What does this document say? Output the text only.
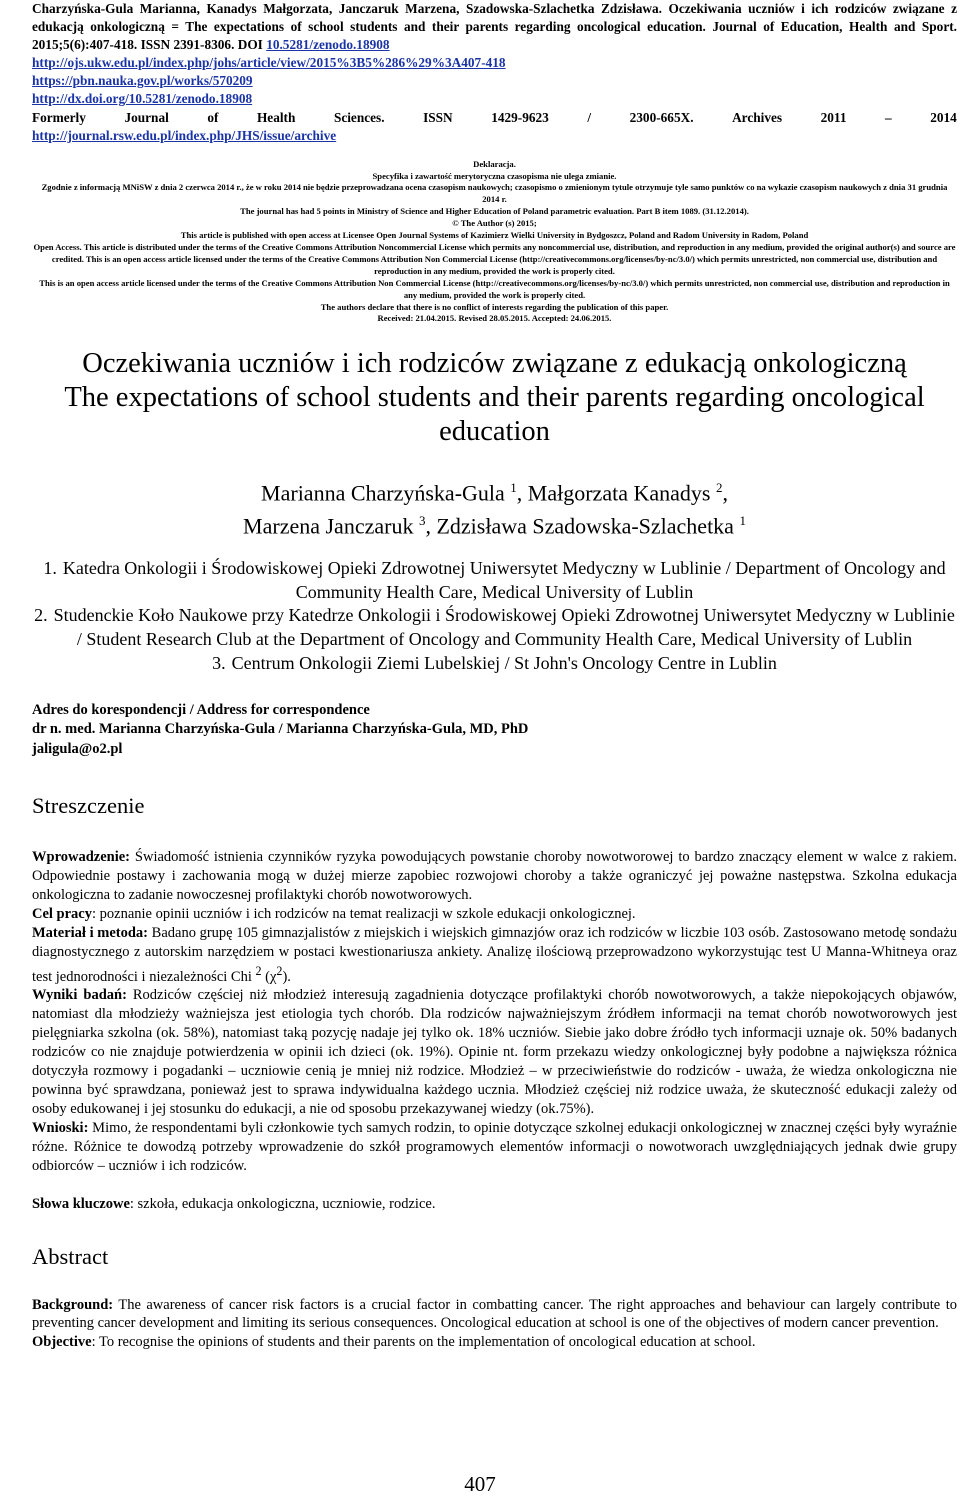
Charzyńska-Gula Marianna, Kanadys Małgorzata, Janczaruk Marzena, Szadowska-Szlachetka Zdzisława. Oczekiwania uczniów i ich rodziców związane z edukacją onkologiczną = The expectations of school students and their parents regarding oncological education. Journal of Education, Health and Sport. 2015;5(6):407-418. ISSN 2391-8306. DOI 10.5281/zenodo.18908
http://ojs.ukw.edu.pl/index.php/johs/article/view/2015%3B5%286%29%3A407-418
https://pbn.nauka.gov.pl/works/570209
http://dx.doi.org/10.5281/zenodo.18908
Formerly	Journal	of	Health	Sciences.	ISSN	1429-9623	/	2300-665X.	Archives	2011	–	2014
http://journal.rsw.edu.pl/index.php/JHS/issue/archive
Deklaracja.
Specyfika i zawartość merytoryczna czasopisma nie ulega zmianie.
Zgodnie z informacją MNiSW z dnia 2 czerwca 2014 r., że w roku 2014 nie będzie przeprowadzana ocena czasopism naukowych; czasopismo o zmienionym tytule otrzymuje tyle samo punktów co na wykazie czasopism naukowych z dnia 31 grudnia 2014 r.
The journal has had 5 points in Ministry of Science and Higher Education of Poland parametric evaluation. Part B item 1089. (31.12.2014).
© The Author (s) 2015;
This article is published with open access at Licensee Open Journal Systems of Kazimierz Wielki University in Bydgoszcz, Poland and Radom University in Radom, Poland
Open Access. This article is distributed under the terms of the Creative Commons Attribution Noncommercial License which permits any noncommercial use, distribution, and reproduction in any medium, provided the original author(s) and source are credited. This is an open access article licensed under the terms of the Creative Commons Attribution Non Commercial License (http://creativecommons.org/licenses/by-nc/3.0/) which permits unrestricted, non commercial use, distribution and reproduction in any medium, provided the work is properly cited.
This is an open access article licensed under the terms of the Creative Commons Attribution Non Commercial License (http://creativecommons.org/licenses/by-nc/3.0/) which permits unrestricted, non commercial use, distribution and reproduction in any medium, provided the work is properly cited.
The authors declare that there is no conflict of interests regarding the publication of this paper.
Received: 21.04.2015. Revised 28.05.2015. Accepted: 24.06.2015.
Oczekiwania uczniów i ich rodziców związane z edukacją onkologiczną
The expectations of school students and their parents regarding oncological education
Marianna Charzyńska-Gula $^1$, Małgorzata Kanadys $^2$,
Marzena Janczaruk $^3$, Zdzisława Szadowska-Szlachetka $^1$
1. Katedra Onkologii i Środowiskowej Opieki Zdrowotnej Uniwersytet Medyczny w Lublinie / Department of Oncology and Community Health Care, Medical University of Lublin
2. Studenckie Koło Naukowe przy Katedrze Onkologii i Środowiskowej Opieki Zdrowotnej Uniwersytet Medyczny w Lublinie / Student Research Club at the Department of Oncology and Community Health Care, Medical University of Lublin
3. Centrum Onkologii Ziemi Lubelskiej / St John's Oncology Centre in Lublin
Adres do korespondencji / Address for correspondence
dr n. med. Marianna Charzyńska-Gula / Marianna Charzyńska-Gula, MD, PhD
jaligula@o2.pl
Streszczenie

Wprowadzenie: Świadomość istnienia czynników ryzyka powodujących powstanie choroby nowotworowej to bardzo znaczący element w walce z rakiem. Odpowiednie postawy i zachowania mogą w dużej mierze zapobiec rozwojowi choroby a także ograniczyć jej poważne następstwa. Szkolna edukacja onkologiczna to zadanie nowoczesnej profilaktyki chorób nowotworowych.

Cel pracy: poznanie opinii uczniów i ich rodziców na temat realizacji w szkole edukacji onkologicznej.

Materiał i metoda: Badano grupę 105 gimnazjalistów z miejskich i wiejskich gimnazjów oraz ich rodziców w liczbie 103 osób. Zastosowano metodę sondażu diagnostycznego z autorskim narzędziem w postaci kwestionariusza ankiety. Analizę ilościową przeprowadzono wykorzystując test U Manna-Whitneya oraz test jednorodności i niezależności Chi $^2$ $(\chi^2)$.

Wyniki badań: Rodziców częściej niż młodzież interesują zagadnienia dotyczące profilaktyki chorób nowotworowych, a także niepokojących objawów, natomiast dla młodzieży ważniejsza jest etiologia tych chorób. Dla rodziców najważniejszym źródłem informacji na temat chorób nowotworowych jest pielęgniarka szkolna (ok. 58%), natomiast taką pozycję nadaje jej tylko ok. 18% uczniów. Siebie jako dobre źródło tych informacji uznaje ok. 50% badanych rodziców co nie znajduje potwierdzenia w opinii ich dzieci (ok. 19%). Opinie nt. form przekazu wiedzy onkologicznej były podobne a największa różnica dotyczyła rozmowy i pogadanki – uczniowie cenią je mniej niż rodzice. Młodzież – w przeciwieństwie do rodziców - uważa, że wiedza onkologiczna nie powinna być sprawdzana, ponieważ jest to sprawa indywidualna każdego ucznia. Młodzież częściej niż rodzice uważa, że skuteczność edukacji zależy od osoby edukowanej i jej stosunku do edukacji, a nie od sposobu przekazywanej wiedzy (ok.75%).

Wnioski: Mimo, że respondentami byli członkowie tych samych rodzin, to opinie dotyczące szkolnej edukacji onkologicznej w znacznej części były wyraźnie różne. Różnice te dowodzą potrzeby wprowadzenie do szkół programowych elementów informacji o nowotworach uwzględniających jednak dwie grupy odbiorców – uczniów i ich rodziców.

Słowa kluczowe: szkoła, edukacja onkologiczna, uczniowie, rodzice.
Abstract

Background: The awareness of cancer risk factors is a crucial factor in combatting cancer. The right approaches and behaviour can largely contribute to preventing cancer development and limiting its serious consequences. Oncological education at school is one of the objectives of modern cancer prevention.

Objective: To recognise the opinions of students and their parents on the implementation of oncological education at school.

407
